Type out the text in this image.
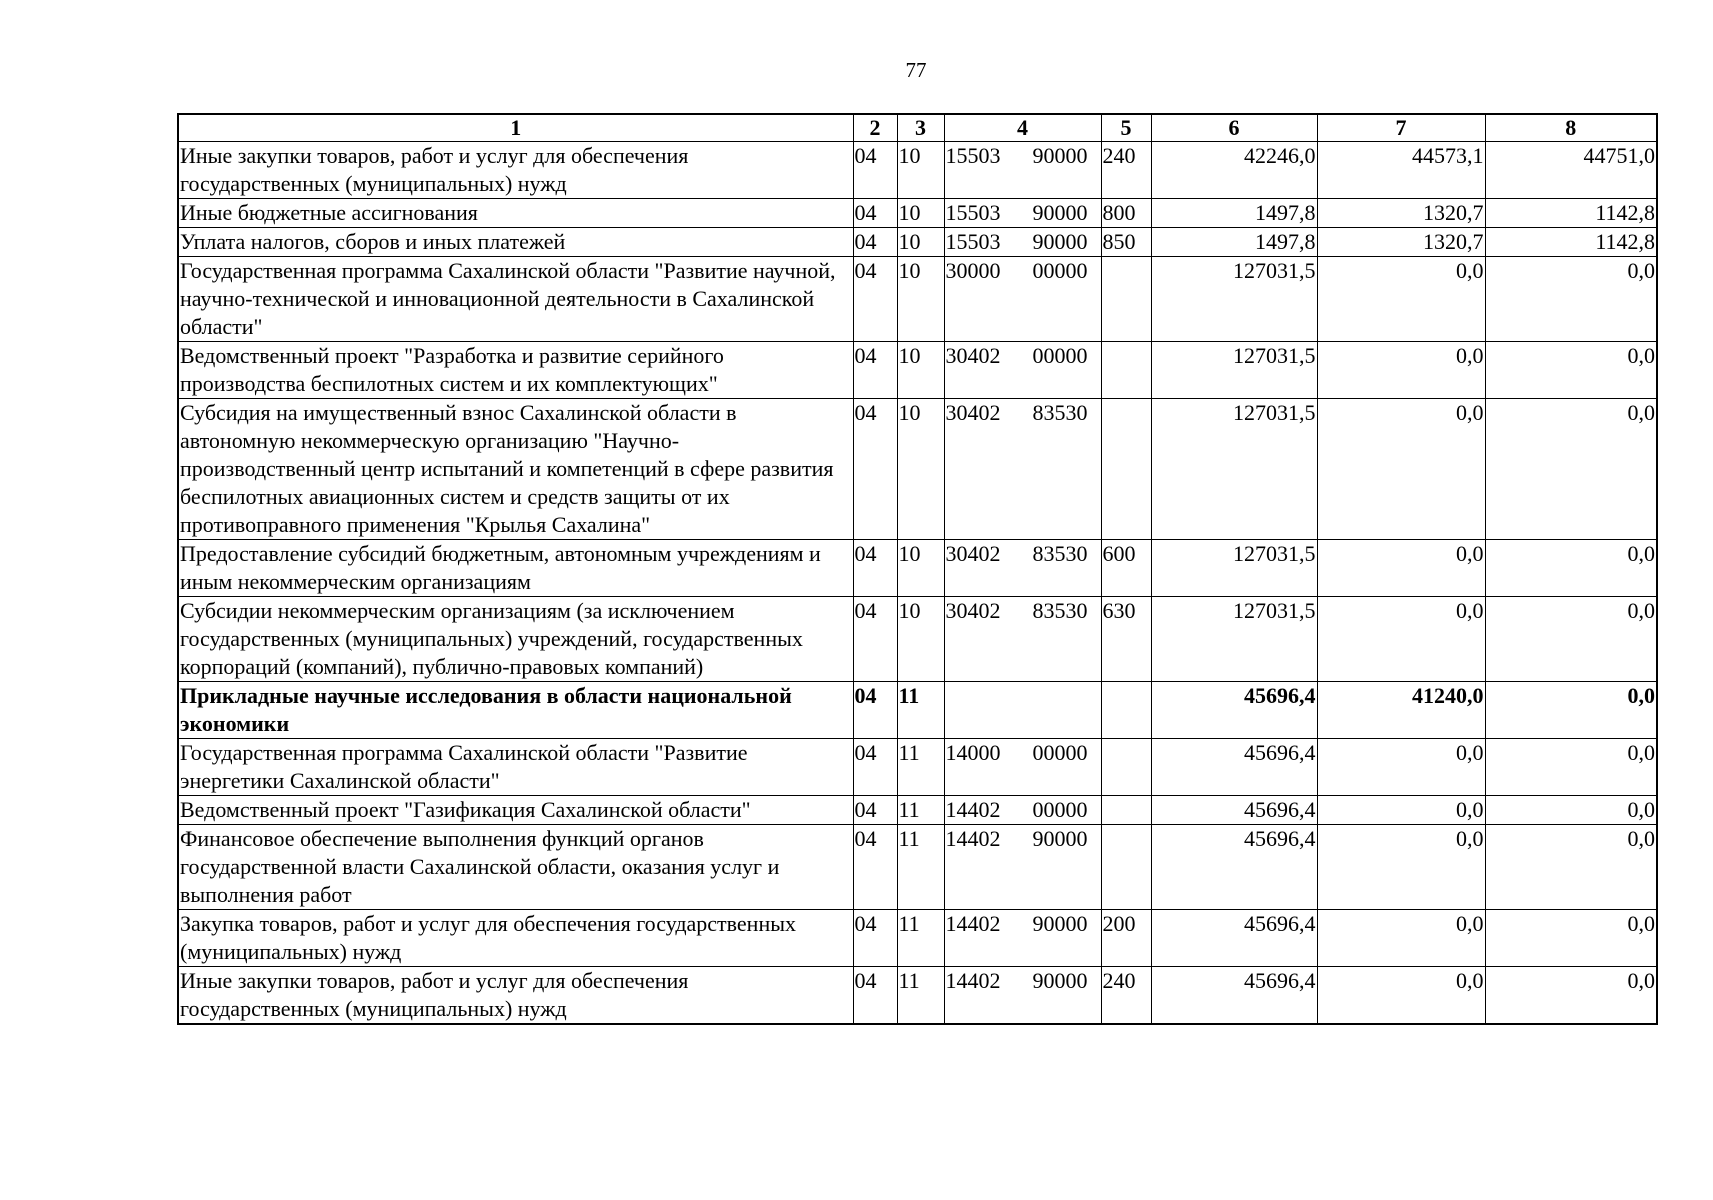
77
1	2	3	4	5	6	7	8
Иные закупки товаров, работ и услуг для обеспечения государственных (муниципальных) нужд	04	10	15503 90000	240	42246,0	44573,1	44751,0
Иные бюджетные ассигнования	04	10	15503 90000	800	1497,8	1320,7	1142,8
Уплата налогов, сборов и иных платежей	04	10	15503 90000	850	1497,8	1320,7	1142,8
Государственная программа Сахалинской области "Развитие научной, научно-технической и инновационной деятельности в Сахалинской области"	04	10	30000 00000		127031,5	0,0	0,0
Ведомственный проект "Разработка и развитие серийного производства беспилотных систем и их комплектующих"	04	10	30402 00000		127031,5	0,0	0,0
Субсидия на имущественный взнос Сахалинской области в автономную некоммерческую организацию "Научно-производственный центр испытаний и компетенций в сфере развития беспилотных авиационных систем и средств защиты от их противоправного применения "Крылья Сахалина"	04	10	30402 83530		127031,5	0,0	0,0
Предоставление субсидий бюджетным, автономным учреждениям и иным некоммерческим организациям	04	10	30402 83530	600	127031,5	0,0	0,0
Субсидии некоммерческим организациям (за исключением государственных (муниципальных) учреждений, государственных корпораций (компаний), публично-правовых компаний)	04	10	30402 83530	630	127031,5	0,0	0,0
Прикладные научные исследования в области национальной экономики	04	11			45696,4	41240,0	0,0
Государственная программа Сахалинской области "Развитие энергетики Сахалинской области"	04	11	14000 00000		45696,4	0,0	0,0
Ведомственный проект "Газификация Сахалинской области"	04	11	14402 00000		45696,4	0,0	0,0
Финансовое обеспечение выполнения функций органов государственной власти Сахалинской области, оказания услуг и выполнения работ	04	11	14402 90000		45696,4	0,0	0,0
Закупка товаров, работ и услуг для обеспечения государственных (муниципальных) нужд	04	11	14402 90000	200	45696,4	0,0	0,0
Иные закупки товаров, работ и услуг для обеспечения государственных (муниципальных) нужд	04	11	14402 90000	240	45696,4	0,0	0,0
